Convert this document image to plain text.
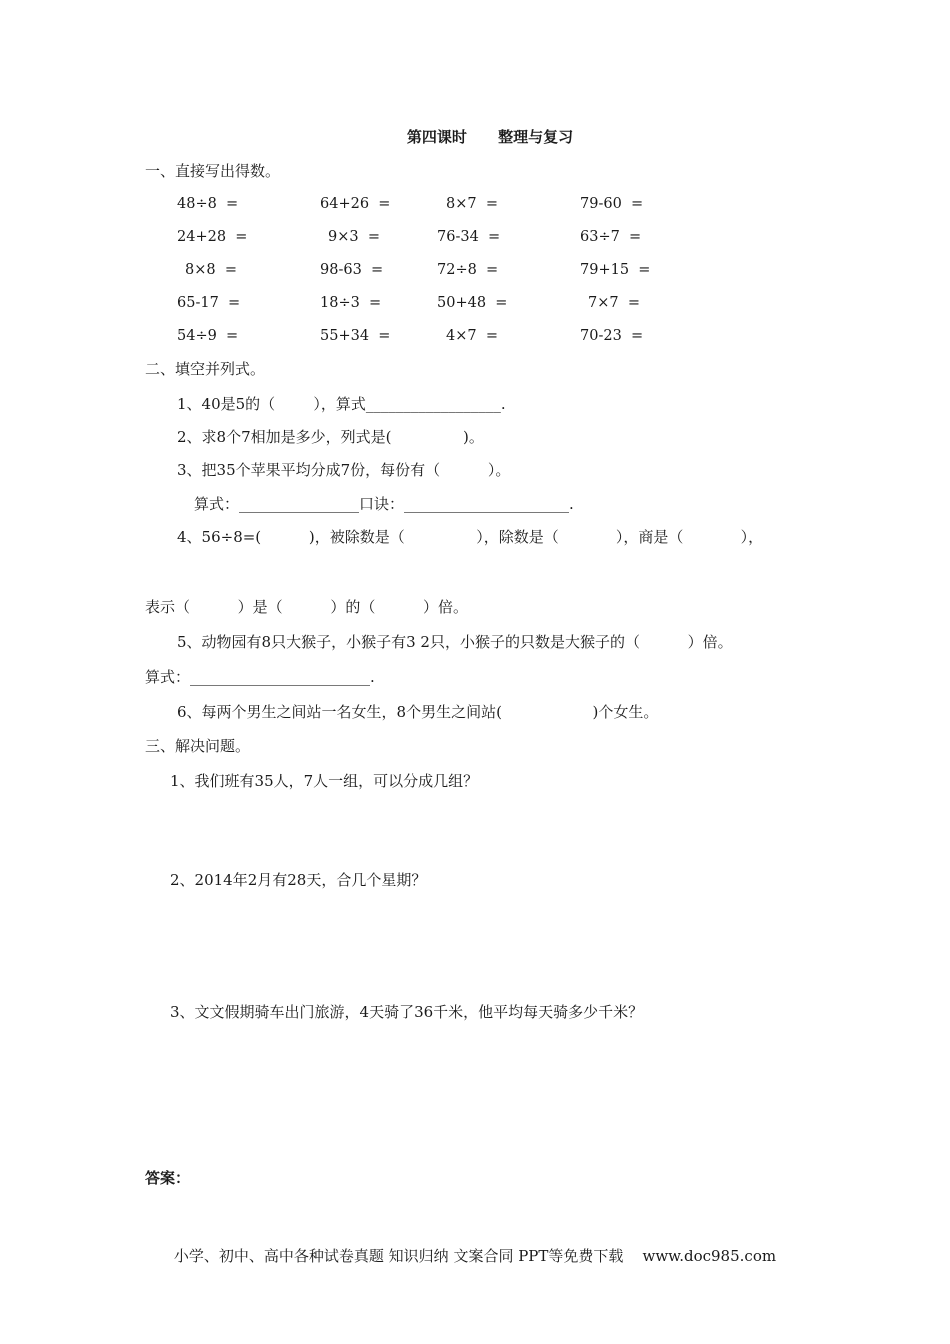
第四课时      整理与复习
一、直接写出得数。
48÷8  =	64+26  =	8×7  =	79-60  =
24+28  =	9×3  =	76-34  =	63÷7  =
8×8  =	98-63  =	72÷8  =	79+15  =
65-17  =	18÷3  =	50+48  =	7×7  =
54÷9  =	55+34  =	4×7  =	70-23  =
二、填空并列式。
1、40是5的（        ），算式__________________.
2、求8个7相加是多少，列式是(               )。
3、把35个苹果平均分成7份，每份有（          ）。
算式：________________口诀：______________________.
4、56÷8=(          )，被除数是（               ），除数是（            ），商是（            ），
表示（          ）是（          ）的（          ）倍。
5、动物园有8只大猴子，小猴子有3 2只，小猴子的只数是大猴子的（          ）倍。
算式：________________________.
6、每两个男生之间站一名女生，8个男生之间站(                   )个女生。
三、解决问题。
1、我们班有35人，7人一组，可以分成几组？
2、2014年2月有28天，合几个星期？
3、文文假期骑车出门旅游，4天骑了36千米，他平均每天骑多少千米？
答案：
小学、初中、高中各种试卷真题 知识归纳 文案合同 PPT等免费下载    www.doc985.com
